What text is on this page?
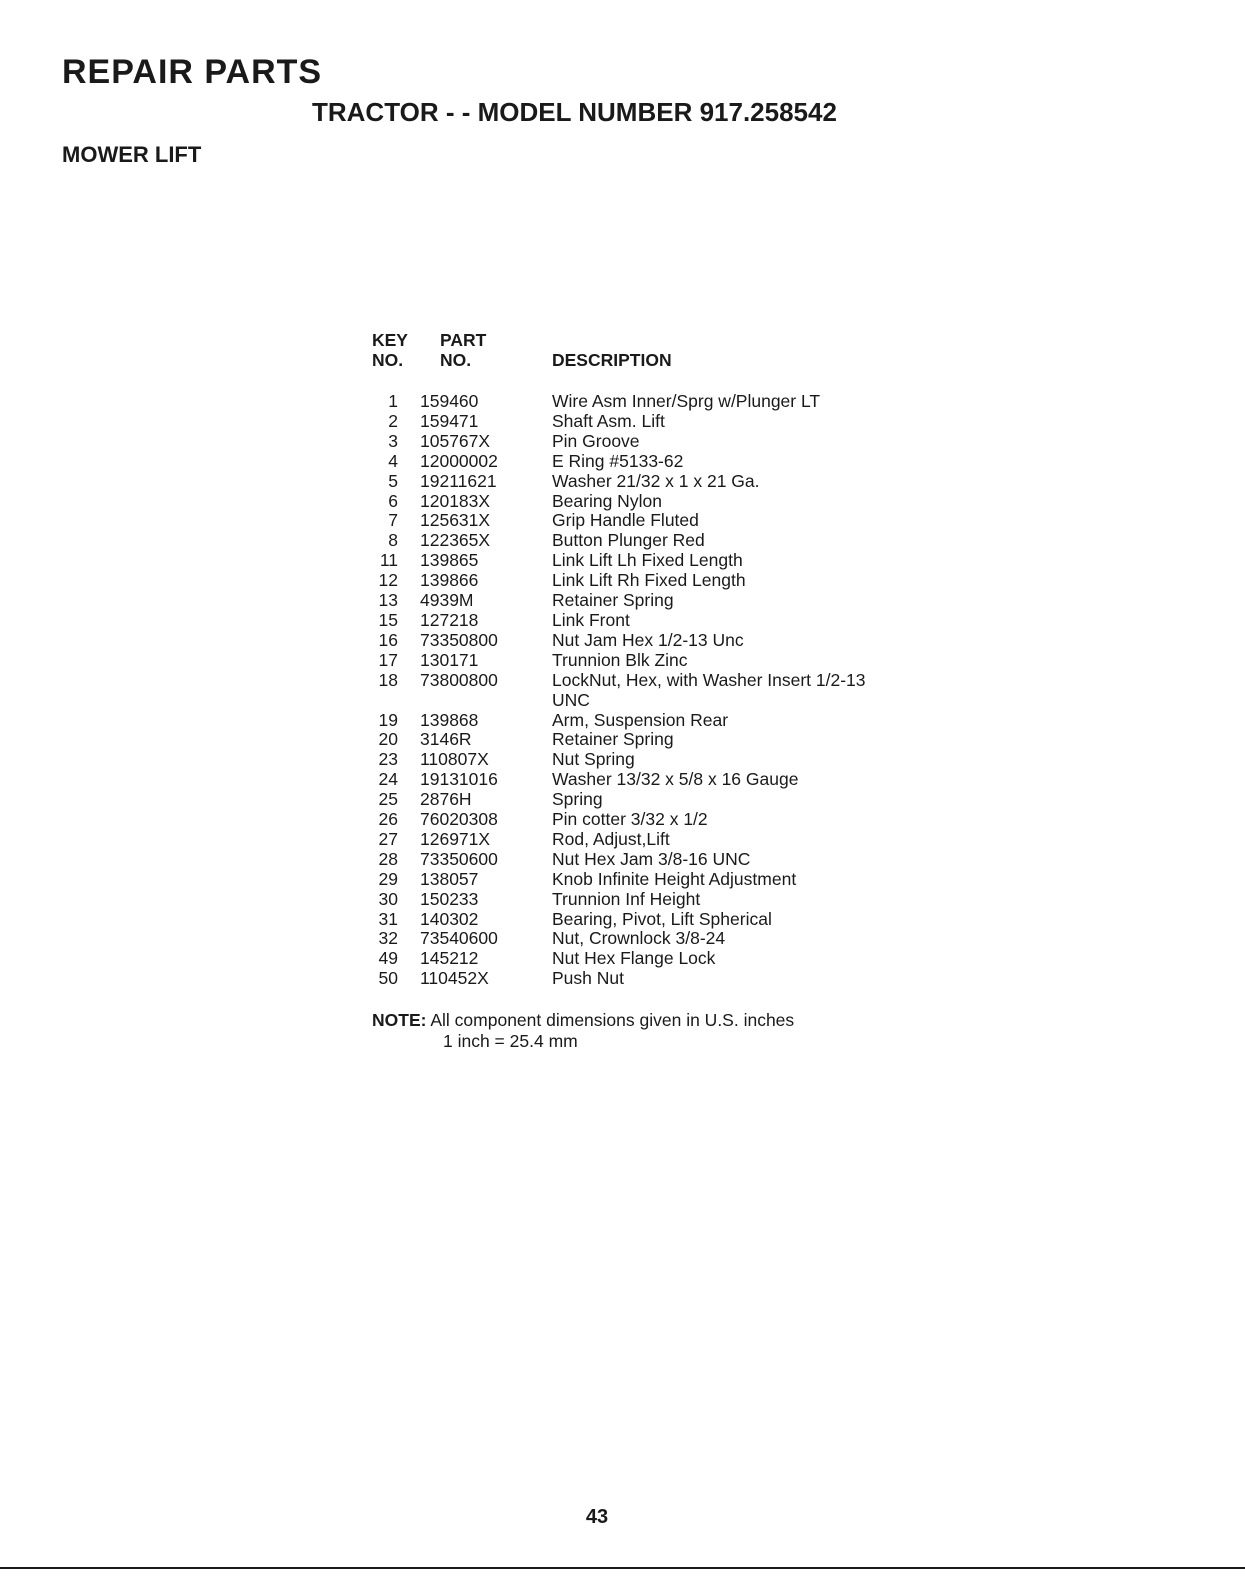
REPAIR PARTS
TRACTOR - - MODEL NUMBER 917.258542
MOWER LIFT
KEY
NO.
PART
NO.	DESCRIPTION
1 159460	Wire Asm Inner/Sprg w/Plunger LT
2 159471	Shaft Asm. Lift
3 105767X	Pin Groove
4 12000002	E Ring #5133-62
5 19211621	Washer 21/32 x 1 x 21 Ga.
6 120183X	Bearing Nylon
7 125631X	Grip Handle Fluted
8 122365X	Button Plunger Red
11 139865	Link Lift Lh Fixed Length
12 139866	Link Lift Rh Fixed Length
13 4939M	Retainer Spring
15 127218	Link Front
16 73350800	Nut Jam Hex 1/2-13 Unc
17 130171	Trunnion Blk Zinc
18 73800800	LockNut, Hex, with Washer Insert 1/2-13 UNC
19 139868	Arm, Suspension Rear
20 3146R	Retainer Spring
23 110807X	Nut Spring
24 19131016	Washer 13/32 x 5/8 x 16 Gauge
25 2876H	Spring
26 76020308	Pin cotter 3/32 x 1/2
27 126971X	Rod, Adjust,Lift
28 73350600	Nut Hex Jam 3/8-16 UNC
29 138057	Knob Infinite Height Adjustment
30 150233	Trunnion Inf Height
31 140302	Bearing, Pivot, Lift Spherical
32 73540600	Nut, Crownlock 3/8-24
49 145212	Nut Hex Flange Lock
50 110452X	Push Nut
NOTE: All component dimensions given in U.S. inches
1 inch = 25.4 mm
43
